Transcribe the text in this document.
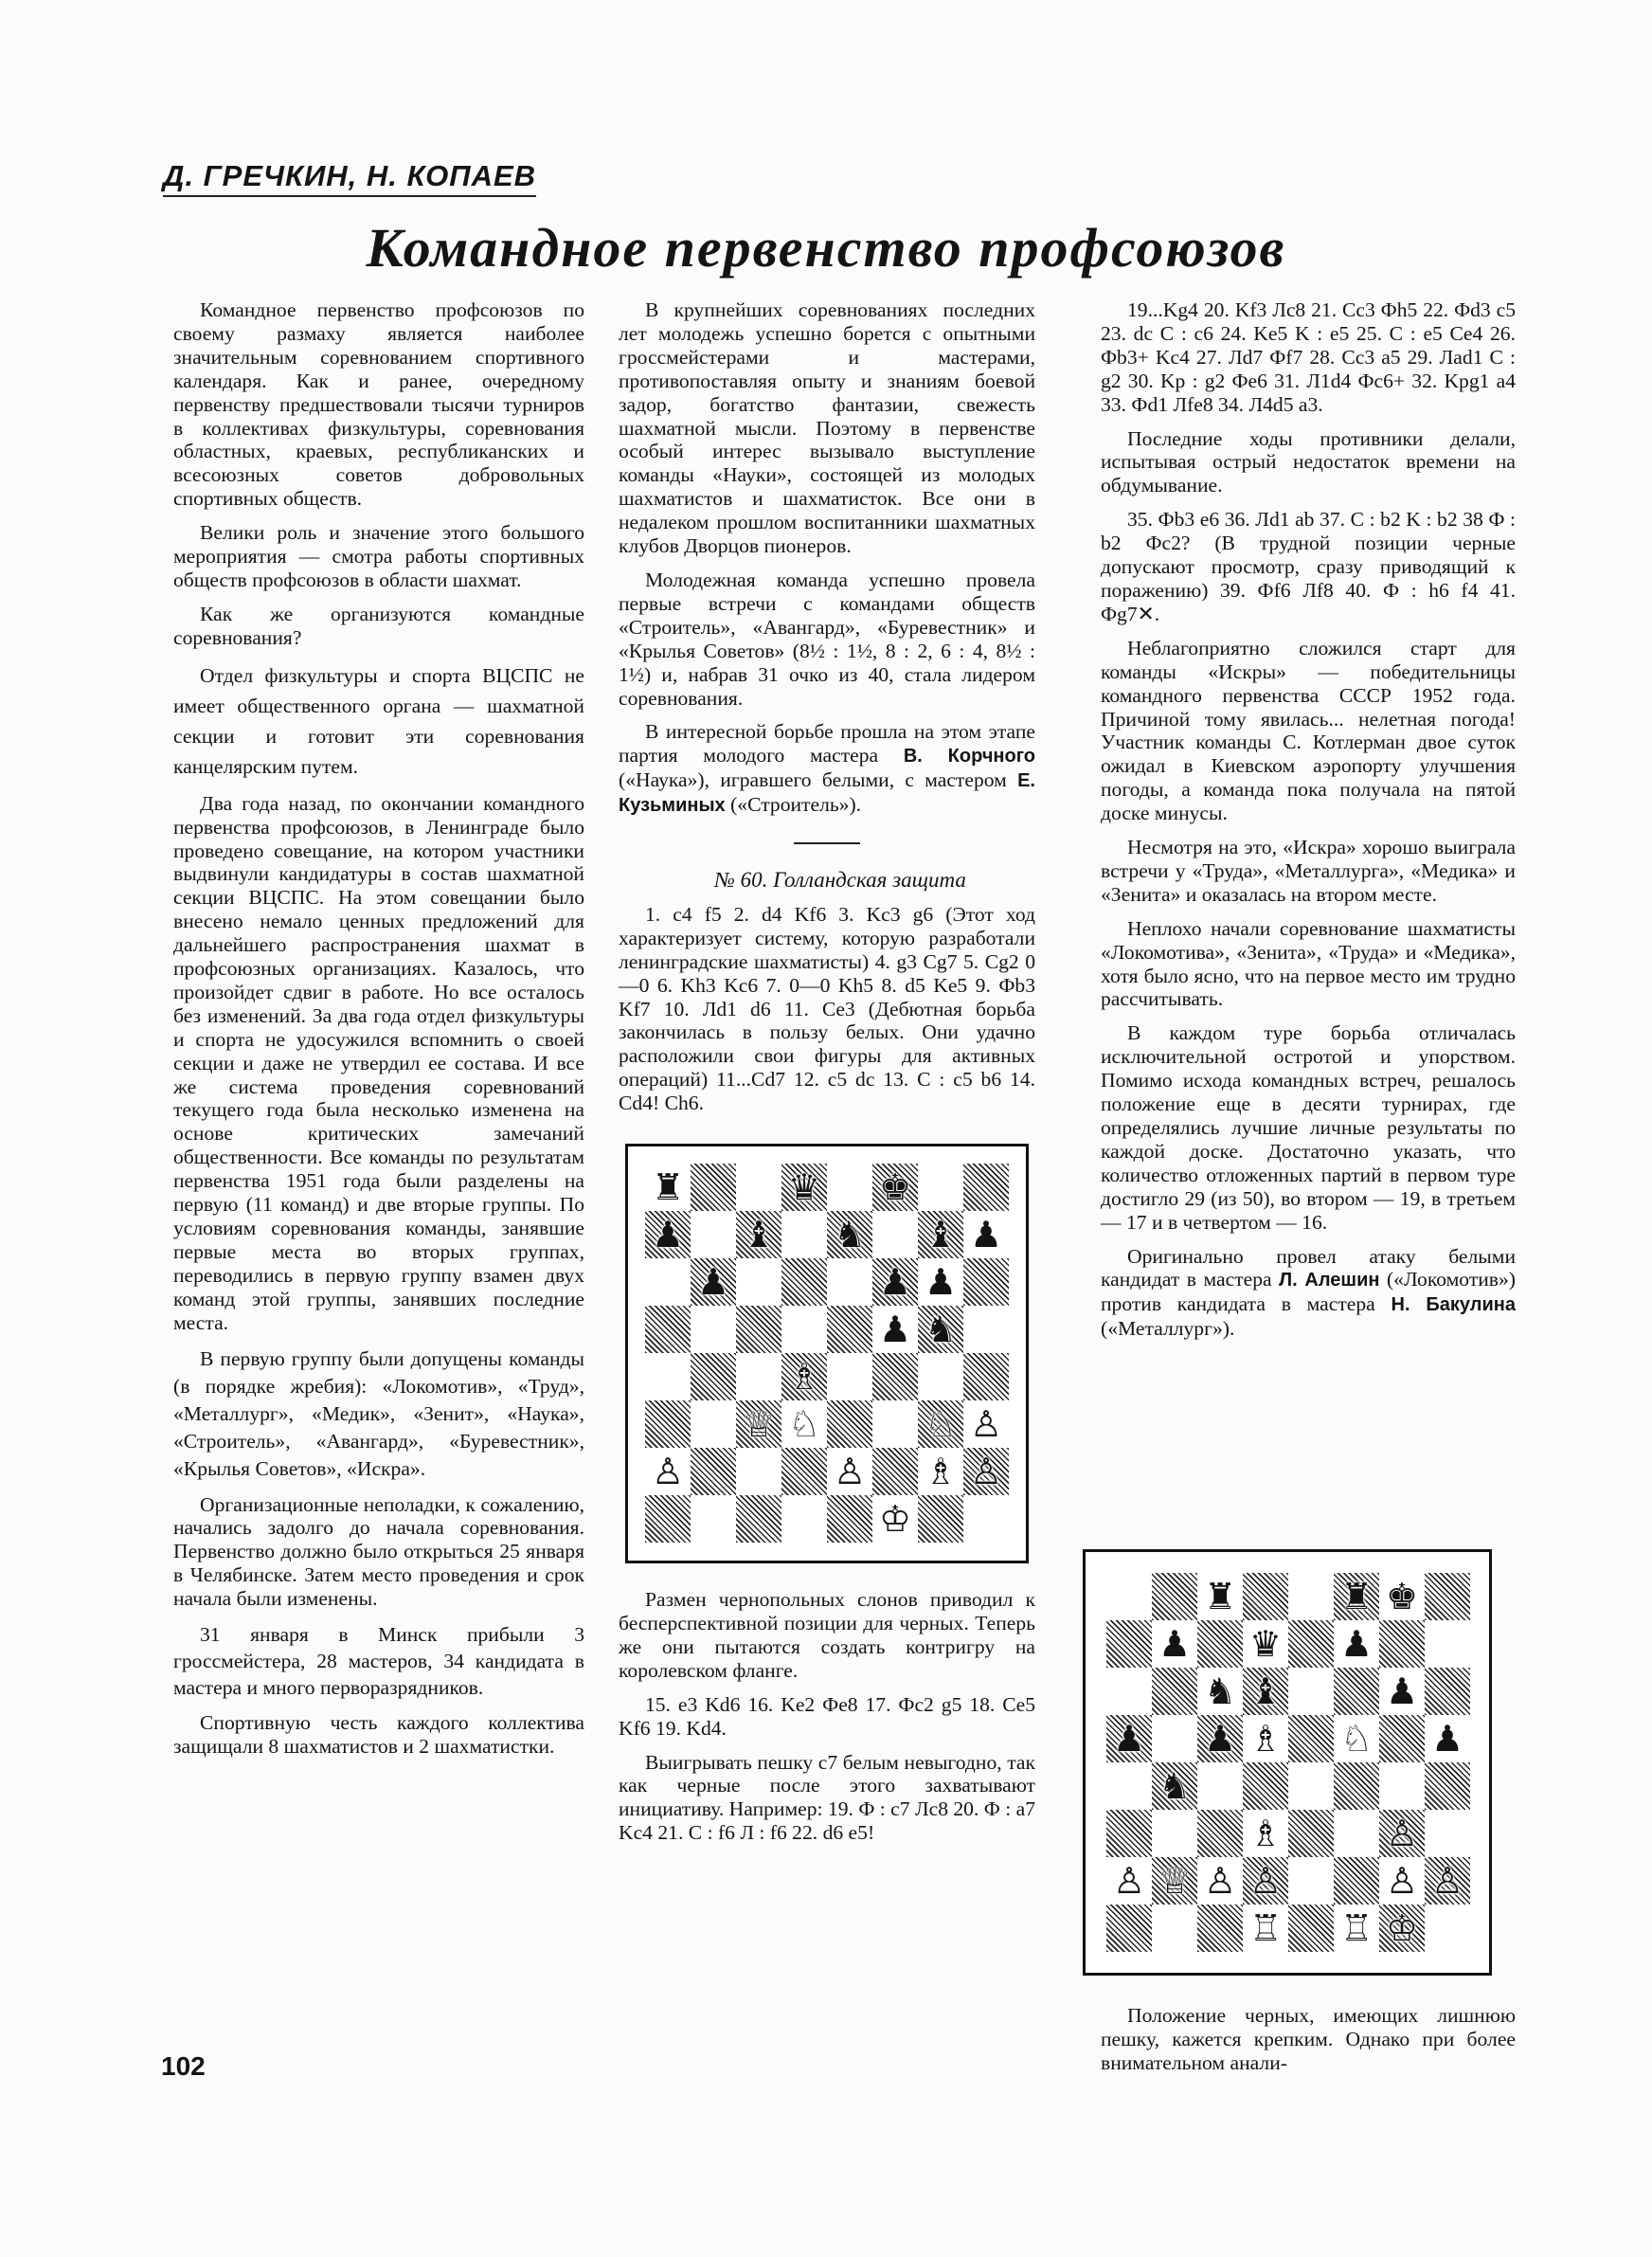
Д. ГРЕЧКИН, Н. КОПАЕВ
Командное первенство профсоюзов

Командное первенство профсоюзов по своему размаху является наиболее значительным соревнованием спортивного календаря. Как и ранее, очередному первенству предшествовали тысячи турниров в коллективах физкультуры, соревнования областных, краевых, республиканских и всесоюзных советов добровольных спортивных обществ.

Велики роль и значение этого большого мероприятия — смотра работы спортивных обществ профсоюзов в области шахмат.

Как же организуются командные соревнования?

Отдел физкультуры и спорта ВЦСПС не имеет общественного органа — шахматной секции и готовит эти соревнования канцелярским путем.

Два года назад, по окончании командного первенства профсоюзов, в Ленинграде было проведено совещание, на котором участники выдвинули кандидатуры в состав шахматной секции ВЦСПС. На этом совещании было внесено немало ценных предложений для дальнейшего распространения шахмат в профсоюзных организациях. Казалось, что произойдет сдвиг в работе. Но все осталось без изменений. За два года отдел физкультуры и спорта не удосужился вспомнить о своей секции и даже не утвердил ее состава. И все же система проведения соревнований текущего года была несколько изменена на основе критических замечаний общественности. Все команды по результатам первенства 1951 года были разделены на первую (11 команд) и две вторые группы. По условиям соревнования команды, занявшие первые места во вторых группах, переводились в первую группу взамен двух команд этой группы, занявших последние места.

В первую группу были допущены команды (в порядке жребия): «Локомотив», «Труд», «Металлург», «Медик», «Зенит», «Наука», «Строитель», «Авангард», «Буревестник», «Крылья Советов», «Искра».

Организационные неполадки, к сожалению, начались задолго до начала соревнования. Первенство должно было открыться 25 января в Челябинске. Затем место проведения и срок начала были изменены.

31 января в Минск прибыли 3 гроссмейстера, 28 мастеров, 34 кандидата в мастера и много перворазрядников.

Спортивную честь каждого коллектива защищали 8 шахматистов и 2 шахматистки.

В крупнейших соревнованиях последних лет молодежь успешно борется с опытными гроссмейстерами и мастерами, противопоставляя опыту и знаниям боевой задор, богатство фантазии, свежесть шахматной мысли. Поэтому в первенстве особый интерес вызывало выступление команды «Науки», состоящей из молодых шахматистов и шахматисток. Все они в недалеком прошлом воспитанники шахматных клубов Дворцов пионеров.

Молодежная команда успешно провела первые встречи с командами обществ «Строитель», «Авангард», «Буревестник» и «Крылья Советов» (8½ : 1½, 8 : 2, 6 : 4, 8½ : 1½) и, набрав 31 очко из 40, стала лидером соревнования.

В интересной борьбе прошла на этом этапе партия молодого мастера В. Корчного («Наука»), игравшего белыми, с мастером Е. Кузьминых («Строитель»).

№ 60. Голландская защита

1. c4 f5 2. d4 Kf6 3. Kc3 g6 (Этот ход характеризует систему, которую разработали ленинградские шахматисты) 4. g3 Cg7 5. Cg2 0—0 6. Kh3 Kc6 7. 0—0 Kh5 8. d5 Ke5 9. Фb3 Kf7 10. Лd1 d6 11. Ce3 (Дебютная борьба закончилась в пользу белых. Они удачно расположили свои фигуры для активных операций) 11...Cd7 12. c5 dc 13. C : c5 b6 14. Cd4! Ch6.

♜	♛ ♚
♟ ♝ ♞ ♝ ♟
♟	♟ ♟
♟ ♞
♗
♕ ♘	♘ ♙
♙	♙ ♗ ♙
♔

Размен чернопольных слонов приводил к бесперспективной позиции для черных. Теперь же они пытаются создать контригру на королевском фланге.

15. e3 Kd6 16. Ke2 Фe8 17. Фc2 g5 18. Ce5 Kf6 19. Kd4.

Выигрывать пешку c7 белым невыгодно, так как черные после этого захватывают инициативу. Например: 19. Ф : c7 Лc8 20. Ф : a7 Kc4 21. C : f6 Л : f6 22. d6 e5!

19...Kg4 20. Kf3 Лc8 21. Cc3 Фh5 22. Фd3 c5 23. dc C : c6 24. Ke5 K : e5 25. C : e5 Ce4 26. Фb3+ Kc4 27. Лd7 Фf7 28. Cc3 a5 29. Лad1 C : g2 30. Kp : g2 Фe6 31. Л1d4 Фc6+ 32. Kpg1 a4 33. Фd1 Лfe8 34. Л4d5 a3.

Последние ходы противники делали, испытывая острый недостаток времени на обдумывание.

35. Фb3 e6 36. Лd1 ab 37. C : b2 K : b2 38 Ф : b2 Фc2? (В трудной позиции черные допускают просмотр, сразу приводящий к поражению) 39. Фf6 Лf8 40. Ф : h6 f4 41. Фg7✕.

Неблагоприятно сложился старт для команды «Искры» — победительницы командного первенства СССР 1952 года. Причиной тому явилась... нелетная погода! Участник команды С. Котлерман двое суток ожидал в Киевском аэропорту улучшения погоды, а команда пока получала на пятой доске минусы.

Несмотря на это, «Искра» хорошо выиграла встречи у «Труда», «Металлурга», «Медика» и «Зенита» и оказалась на втором месте.

Неплохо начали соревнование шахматисты «Локомотива», «Зенита», «Труда» и «Медика», хотя было ясно, что на первое место им трудно рассчитывать.

В каждом туре борьба отличалась исключительной остротой и упорством. Помимо исхода командных встреч, решалось положение еще в десяти турнирах, где определялись лучшие личные результаты по каждой доске. Достаточно указать, что количество отложенных партий в первом туре достигло 29 (из 50), во втором — 19, в третьем — 17 и в четвертом — 16.

Оригинально провел атаку белыми кандидат в мастера Л. Алешин («Локомотив») против кандидата в мастера Н. Бакулина («Металлург»).

♜	♜ ♚
♟ ♛ ♟
♞ ♝	♟
♟ ♟ ♗ ♘ ♟
♞
♗	♙
♙ ♕ ♙ ♙	♙ ♙
♖ ♖ ♔

Положение черных, имеющих лишнюю пешку, кажется крепким. Однако при более внимательном анали-

102
